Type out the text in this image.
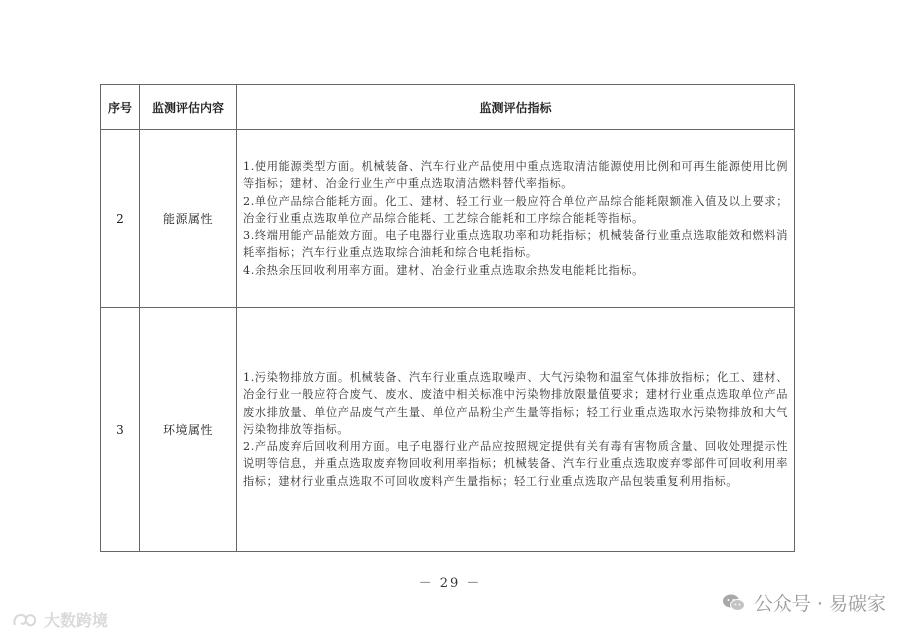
序号	监测评估内容	监测评估指标
2	能源属性	1.使用能源类型方面。机械装备、汽车行业产品使用中重点选取清洁能源使用比例和可再生能源使用比例等指标；建材、冶金行业生产中重点选取清洁燃料替代率指标。

2.单位产品综合能耗方面。化工、建材、轻工行业一般应符合单位产品综合能耗限额准入值及以上要求；冶金行业重点选取单位产品综合能耗、工艺综合能耗和工序综合能耗等指标。

3.终端用能产品能效方面。电子电器行业重点选取功率和功耗指标；机械装备行业重点选取能效和燃料消耗率指标；汽车行业重点选取综合油耗和综合电耗指标。

4.余热余压回收利用率方面。建材、冶金行业重点选取余热发电能耗比指标。

3	环境属性	1.污染物排放方面。机械装备、汽车行业重点选取噪声、大气污染物和温室气体排放指标；化工、建材、冶金行业一般应符合废气、废水、废渣中相关标准中污染物排放限量值要求；建材行业重点选取单位产品废水排放量、单位产品废气产生量、单位产品粉尘产生量等指标；轻工行业重点选取水污染物排放和大气污染物排放等指标。

2.产品废弃后回收利用方面。电子电器行业产品应按照规定提供有关有毒有害物质含量、回收处理提示性说明等信息，并重点选取废弃物回收利用率指标；机械装备、汽车行业重点选取废弃零部件可回收利用率指标；建材行业重点选取不可回收废料产生量指标；轻工行业重点选取产品包装重复利用指标。

－ 29 －
大数跨境
公众号 · 易碳家
